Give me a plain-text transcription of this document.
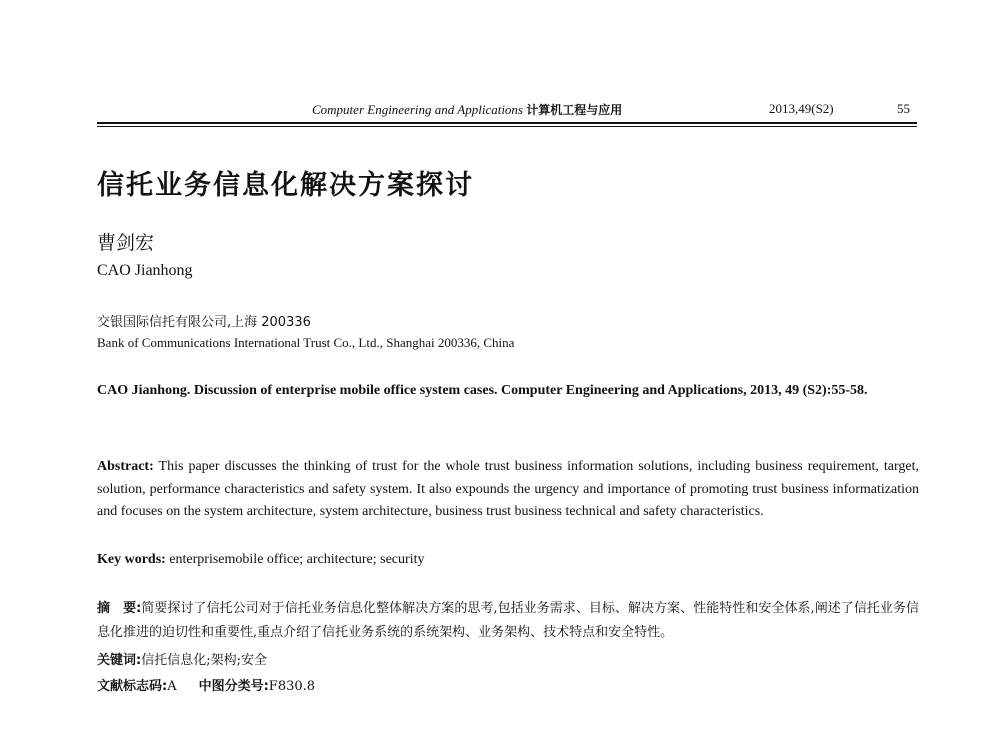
Computer Engineering and Applications 计算机工程与应用	2013,49(S2)	55
信托业务信息化解决方案探讨
曹剑宏
CAO Jianhong
交银国际信托有限公司,上海 200336
Bank of Communications International Trust Co., Ltd., Shanghai 200336, China
CAO Jianhong. Discussion of enterprise mobile office system cases. Computer Engineering and Applications, 2013, 49 (S2):55-58.
Abstract: This paper discusses the thinking of trust for the whole trust business information solutions, including business requirement, target, solution, performance characteristics and safety system. It also expounds the urgency and importance of promoting trust business informatization and focuses on the system architecture, system architecture, business trust business technical and safety characteristics.
Key words: enterprisemobile office; architecture; security
摘　要:简要探讨了信托公司对于信托业务信息化整体解决方案的思考,包括业务需求、目标、解决方案、性能特性和安全体系,阐述了信托业务信息化推进的迫切性和重要性,重点介绍了信托业务系统的系统架构、业务架构、技术特点和安全特性。
关键词:信托信息化;架构;安全
文献标志码:A 中图分类号:F830.8
